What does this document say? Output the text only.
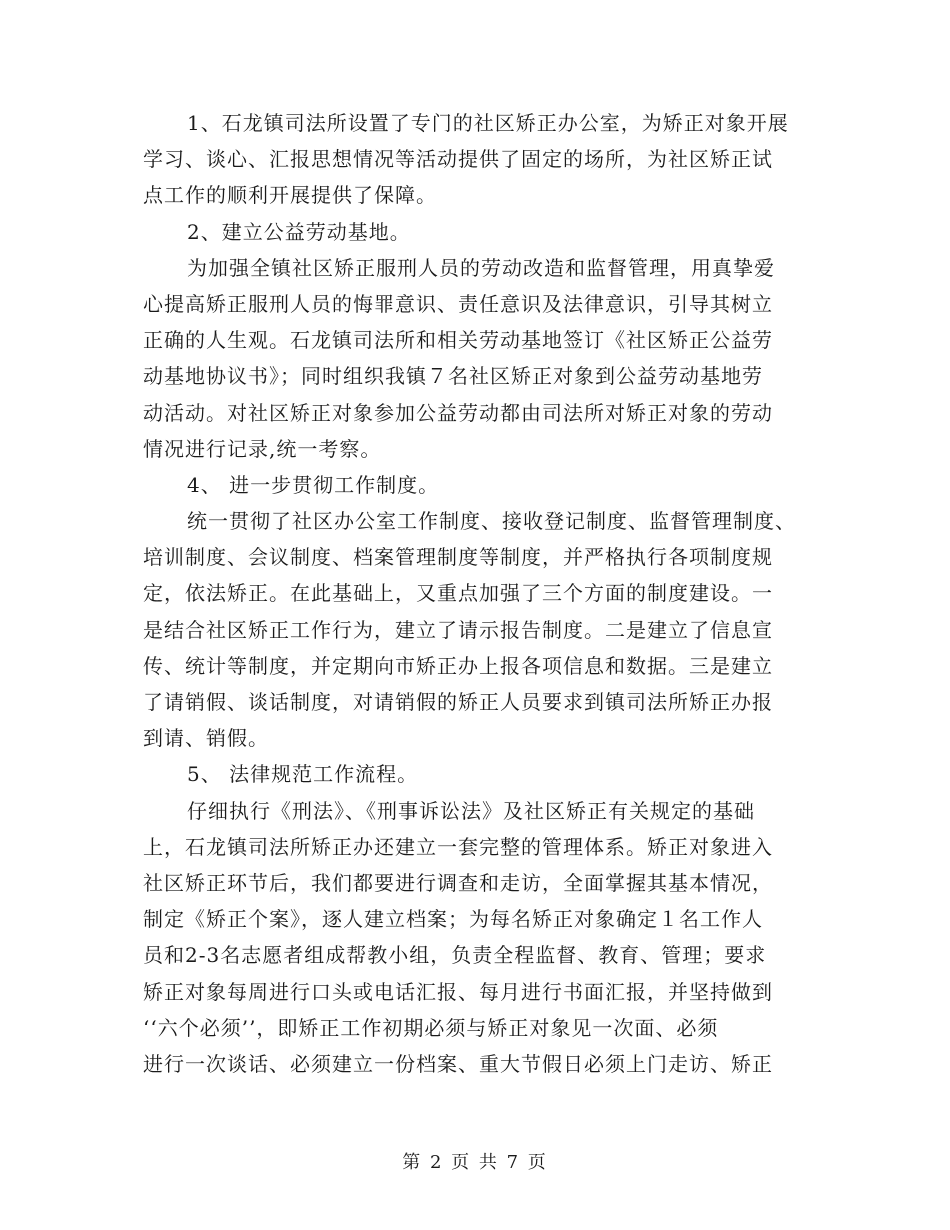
1、石龙镇司法所设置了专门的社区矫正办公室，为矫正对象开展
学习、谈心、汇报思想情况等活动提供了固定的场所，为社区矫正试
点工作的顺利开展提供了保障。

2、建立公益劳动基地。

为加强全镇社区矫正服刑人员的劳动改造和监督管理，用真挚爱
心提高矫正服刑人员的悔罪意识、责任意识及法律意识，引导其树立
正确的人生观。石龙镇司法所和相关劳动基地签订《社区矫正公益劳
动基地协议书》；同时组织我镇７名社区矫正对象到公益劳动基地劳
动活动。对社区矫正对象参加公益劳动都由司法所对矫正对象的劳动
情况进行记录,统一考察。

4、 进一步贯彻工作制度。

统一贯彻了社区办公室工作制度、接收登记制度、监督管理制度、
培训制度、会议制度、档案管理制度等制度，并严格执行各项制度规
定，依法矫正。在此基础上，又重点加强了三个方面的制度建设。一
是结合社区矫正工作行为，建立了请示报告制度。二是建立了信息宣
传、统计等制度，并定期向市矫正办上报各项信息和数据。三是建立
了请销假、谈话制度，对请销假的矫正人员要求到镇司法所矫正办报
到请、销假。

5、 法律规范工作流程。

仔细执行《刑法》、《刑事诉讼法》及社区矫正有关规定的基础
上，石龙镇司法所矫正办还建立一套完整的管理体系。矫正对象进入
社区矫正环节后，我们都要进行调查和走访，全面掌握其基本情况，
制定《矫正个案》，逐人建立档案；为每名矫正对象确定１名工作人
员和2-3名志愿者组成帮教小组，负责全程监督、教育、管理；要求
矫正对象每周进行口头或电话汇报、每月进行书面汇报，并坚持做到
‘‘六个必须’’，即矫正工作初期必须与矫正对象见一次面、必须
进行一次谈话、必须建立一份档案、重大节假日必须上门走访、矫正

第 2 页 共 7 页
